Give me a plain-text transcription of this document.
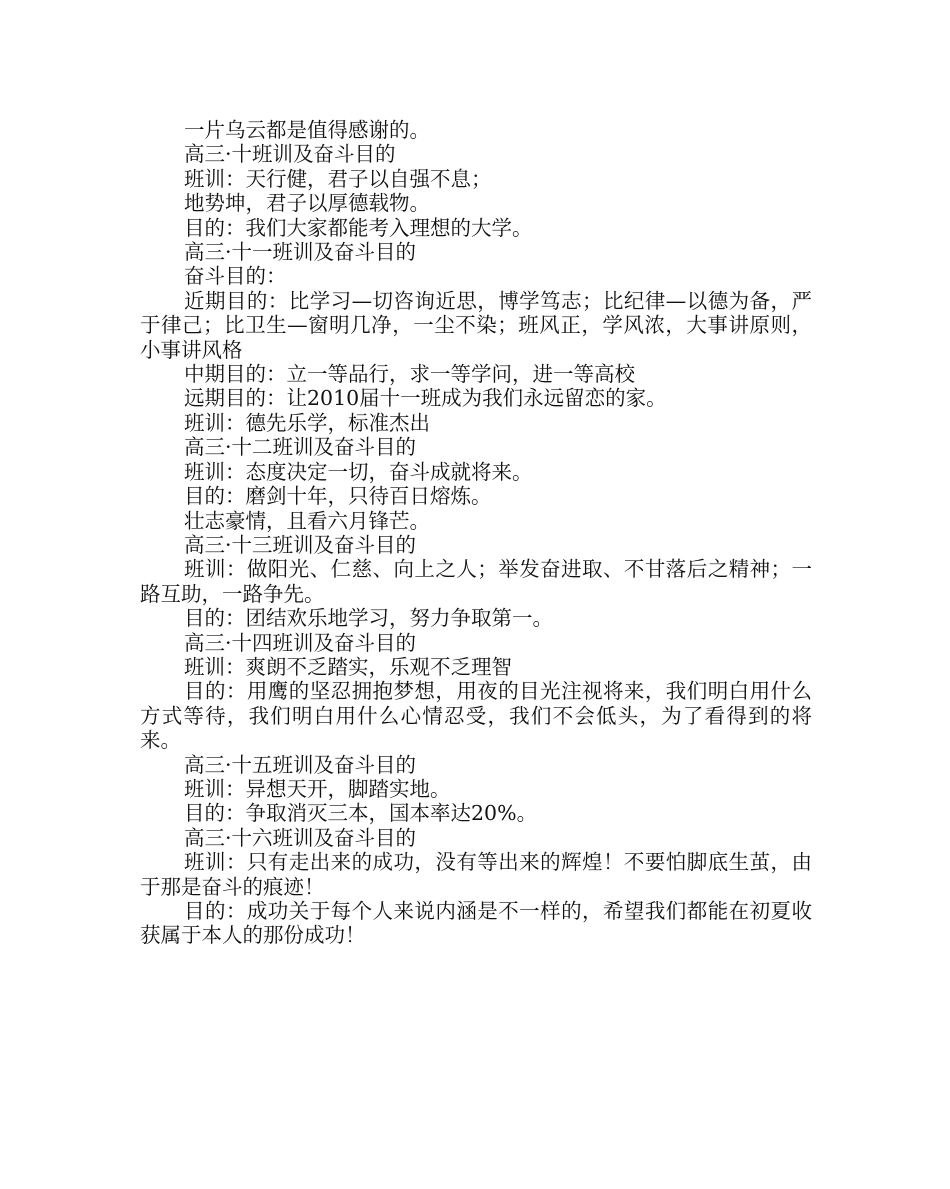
一片乌云都是值得感谢的。

高三·十班训及奋斗目的

班训：天行健，君子以自强不息；

地势坤，君子以厚德载物。

目的：我们大家都能考入理想的大学。

高三·十一班训及奋斗目的

奋斗目的：

近期目的：比学习—切咨询近思，博学笃志；比纪律—以德为备，严于律己；比卫生—窗明几净，一尘不染；班风正，学风浓，大事讲原则，小事讲风格

中期目的：立一等品行，求一等学问，进一等高校

远期目的：让2010届十一班成为我们永远留恋的家。

班训：德先乐学，标准杰出

高三·十二班训及奋斗目的

班训：态度决定一切，奋斗成就将来。

目的：磨剑十年，只待百日熔炼。

壮志豪情，且看六月锋芒。

高三·十三班训及奋斗目的

班训：做阳光、仁慈、向上之人；举发奋进取、不甘落后之精神；一路互助，一路争先。

目的：团结欢乐地学习，努力争取第一。

高三·十四班训及奋斗目的

班训：爽朗不乏踏实，乐观不乏理智

目的：用鹰的坚忍拥抱梦想，用夜的目光注视将来，我们明白用什么方式等待，我们明白用什么心情忍受，我们不会低头，为了看得到的将来。

高三·十五班训及奋斗目的

班训：异想天开，脚踏实地。

目的：争取消灭三本，国本率达20%。

高三·十六班训及奋斗目的

班训：只有走出来的成功，没有等出来的辉煌！不要怕脚底生茧，由于那是奋斗的痕迹！

目的：成功关于每个人来说内涵是不一样的，希望我们都能在初夏收获属于本人的那份成功！
